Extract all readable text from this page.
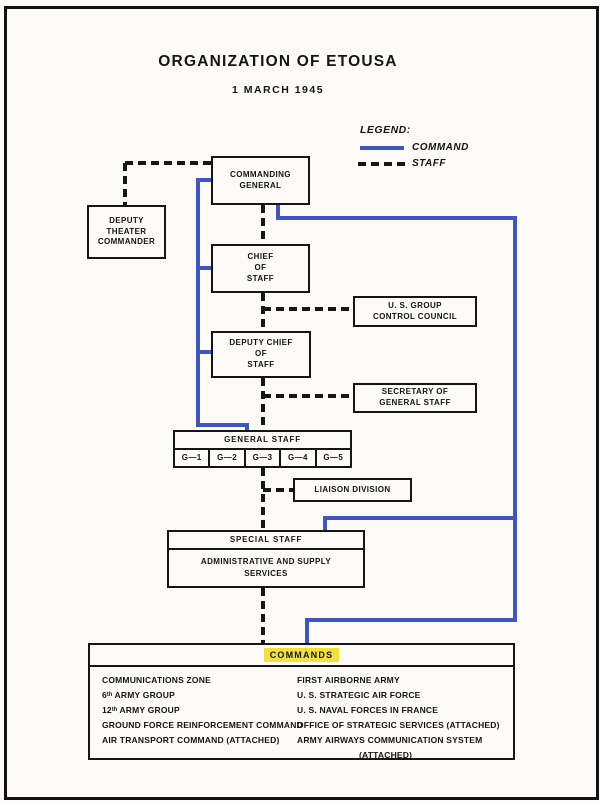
ORGANIZATION OF ETOUSA
1 MARCH 1945
LEGEND:
COMMAND
STAFF
COMMANDING
GENERAL
DEPUTY
THEATER
COMMANDER
CHIEF
OF
STAFF
U. S. GROUP
CONTROL COUNCIL
DEPUTY CHIEF
OF
STAFF
SECRETARY OF
GENERAL STAFF
GENERAL STAFF
G—1	G—2	G—3	G—4	G—5
LIAISON DIVISION
SPECIAL STAFF
ADMINISTRATIVE AND SUPPLY
SERVICES
COMMANDS
COMMUNICATIONS ZONE
6ᵗʰ ARMY GROUP
12ᵗʰ ARMY GROUP
GROUND FORCE REINFORCEMENT COMMAND
AIR TRANSPORT COMMAND (ATTACHED)
FIRST AIRBORNE ARMY
U. S. STRATEGIC AIR FORCE
U. S. NAVAL FORCES IN FRANCE
OFFICE OF STRATEGIC SERVICES (ATTACHED)
ARMY AIRWAYS COMMUNICATION SYSTEM
(ATTACHED)
